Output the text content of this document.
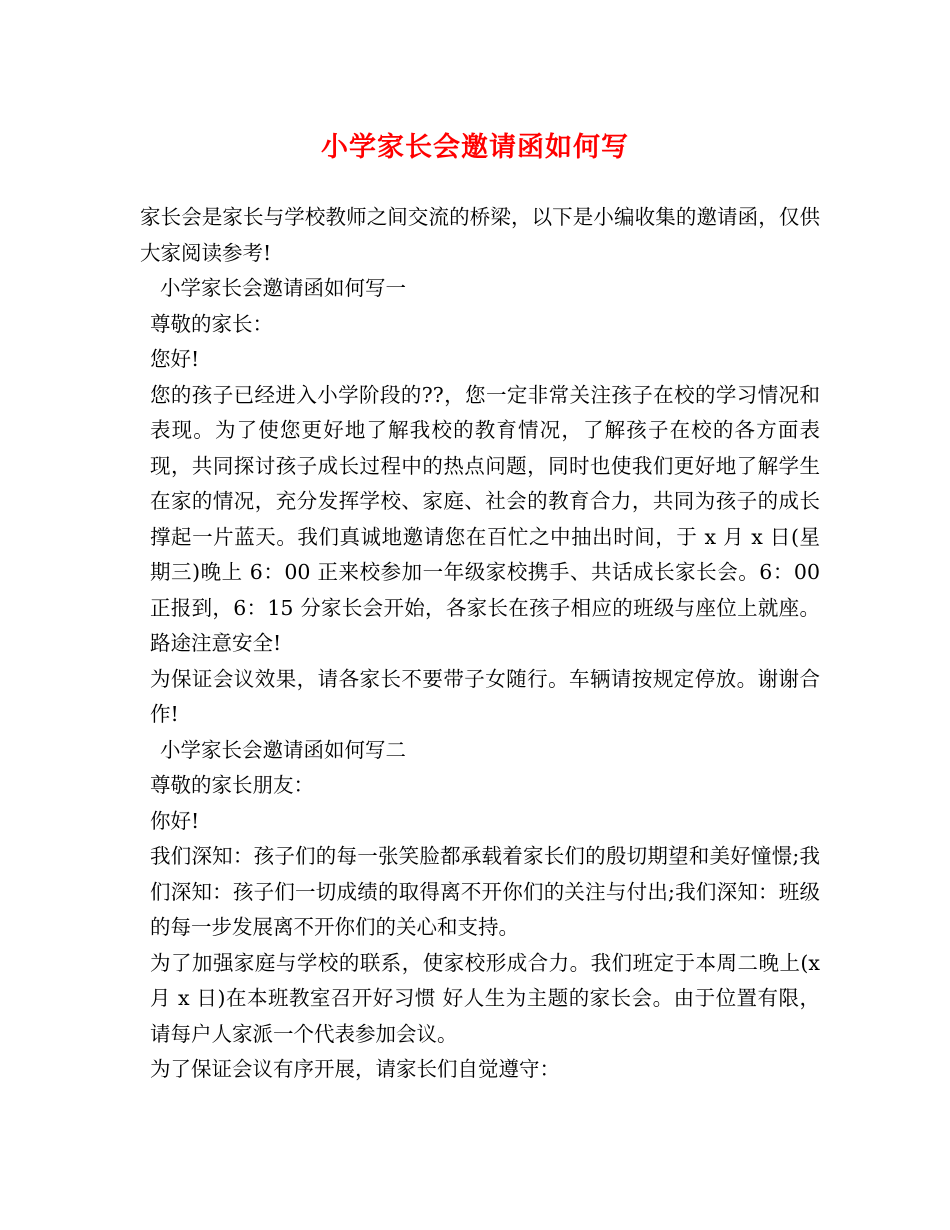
小学家长会邀请函如何写

家长会是家长与学校教师之间交流的桥梁，以下是小编收集的邀请函，仅供大家阅读参考!

小学家长会邀请函如何写一

尊敬的家长：

您好!

您的孩子已经进入小学阶段的??，您一定非常关注孩子在校的学习情况和表现。为了使您更好地了解我校的教育情况，了解孩子在校的各方面表现，共同探讨孩子成长过程中的热点问题，同时也使我们更好地了解学生在家的情况，充分发挥学校、家庭、社会的教育合力，共同为孩子的成长撑起一片蓝天。我们真诚地邀请您在百忙之中抽出时间，于 x 月 x 日(星期三)晚上 6：00 正来校参加一年级家校携手、共话成长家长会。6：00 正报到，6：15 分家长会开始，各家长在孩子相应的班级与座位上就座。路途注意安全!

为保证会议效果，请各家长不要带子女随行。车辆请按规定停放。谢谢合作!

小学家长会邀请函如何写二

尊敬的家长朋友：

你好!

我们深知：孩子们的每一张笑脸都承载着家长们的殷切期望和美好憧憬;我们深知：孩子们一切成绩的取得离不开你们的关注与付出;我们深知：班级的每一步发展离不开你们的关心和支持。

为了加强家庭与学校的联系，使家校形成合力。我们班定于本周二晚上(x 月 x 日)在本班教室召开好习惯 好人生为主题的家长会。由于位置有限，请每户人家派一个代表参加会议。

为了保证会议有序开展，请家长们自觉遵守：
